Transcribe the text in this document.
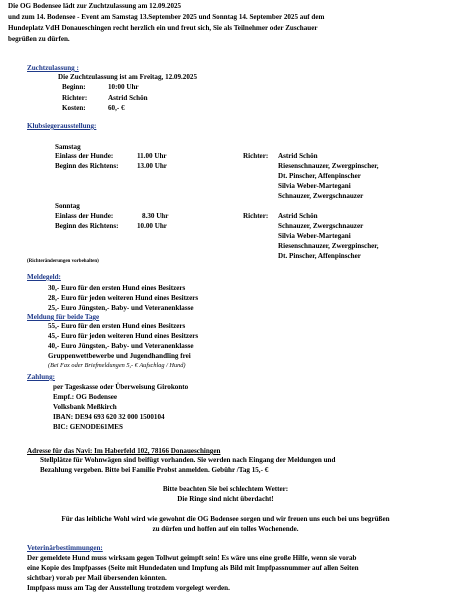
Die OG Bodensee lädt zur Zuchtzulassung am 12.09.2025
und zum 14. Bodensee - Event am Samstag 13.September 2025 und Sonntag 14. September 2025 auf dem
Hundeplatz VdH Donaueschingen recht herzlich ein und freut sich, Sie als Teilnehmer oder Zuschauer
begrüßen zu dürfen.
Zuchtzulassung :
Die Zuchtzulassung ist am Freitag, 12.09.2025
Beginn:	10:00 Uhr
Richter:	Astrid Schön
Kosten:	60,- €
Klubsiegerausstellung:
Samstag
Einlass der Hunde:	11.00 Uhr
Beginn des Richtens:	13.00 Uhr
Richter: Astrid Schön
Riesenschnauzer, Zwergpinscher,
Dt. Pinscher, Affenpinscher
Silvia Weber-Martegani
Schnauzer, Zwergschnauzer
Sonntag
Einlass der Hunde:	8.30 Uhr
Beginn des Richtens:	10.00 Uhr
Richter: Astrid Schön
Schnauzer, Zwergschnauzer
Silvia Weber-Martegani
Riesenschnauzer, Zwergpinscher,
Dt. Pinscher, Affenpinscher
(Richteränderungen vorbehalten)
Meldegeld:
30,- Euro für den ersten Hund eines Besitzers
28,- Euro für jeden weiteren Hund eines Besitzers
25,- Euro Jüngsten,- Baby- und Veteranenklasse
Meldung für beide Tage
55,- Euro für den ersten Hund eines Besitzers
45,- Euro für jeden weiteren Hund eines Besitzers
40,- Euro Jüngsten,- Baby- und Veteranenklasse
Gruppenwettbewerbe und Jugendhandling frei
(Bei Fax oder Briefmeldungen 5,- € Aufschlag / Hund)
Zahlung:
per Tageskasse oder Überweisung Girokonto
Empf.: OG Bodensee
Volksbank Meßkirch
IBAN: DE94 693 620 32 000 1500104
BIC: GENODE61MES
Adresse für das Navi: Im Haberfeld 102, 78166 Donaueschingen
Stellplätze für Wohnwägen sind beifügt vorhanden. Sie werden nach Eingang der Meldungen und
Bezahlung vergeben. Bitte bei Familie Probst anmelden. Gebühr /Tag 15,- €
Bitte beachten Sie bei schlechtem Wetter:
Die Ringe sind nicht überdacht!
Für das leibliche Wohl wird wie gewohnt die OG Bodensee sorgen und wir freuen uns euch bei uns begrüßen
zu dürfen und hoffen auf ein tolles Wochenende.
Veterinärbestimmungen:
Der gemeldete Hund muss wirksam gegen Tollwut geimpft sein! Es wäre uns eine große Hilfe, wenn sie vorab
eine Kopie des Impfpasses (Seite mit Hundedaten und Impfung als Bild mit Impfpassnummer auf allen Seiten
sichtbar) vorab per Mail übersenden könnten.
Impfpass muss am Tag der Ausstellung trotzdem vorgelegt werden.
